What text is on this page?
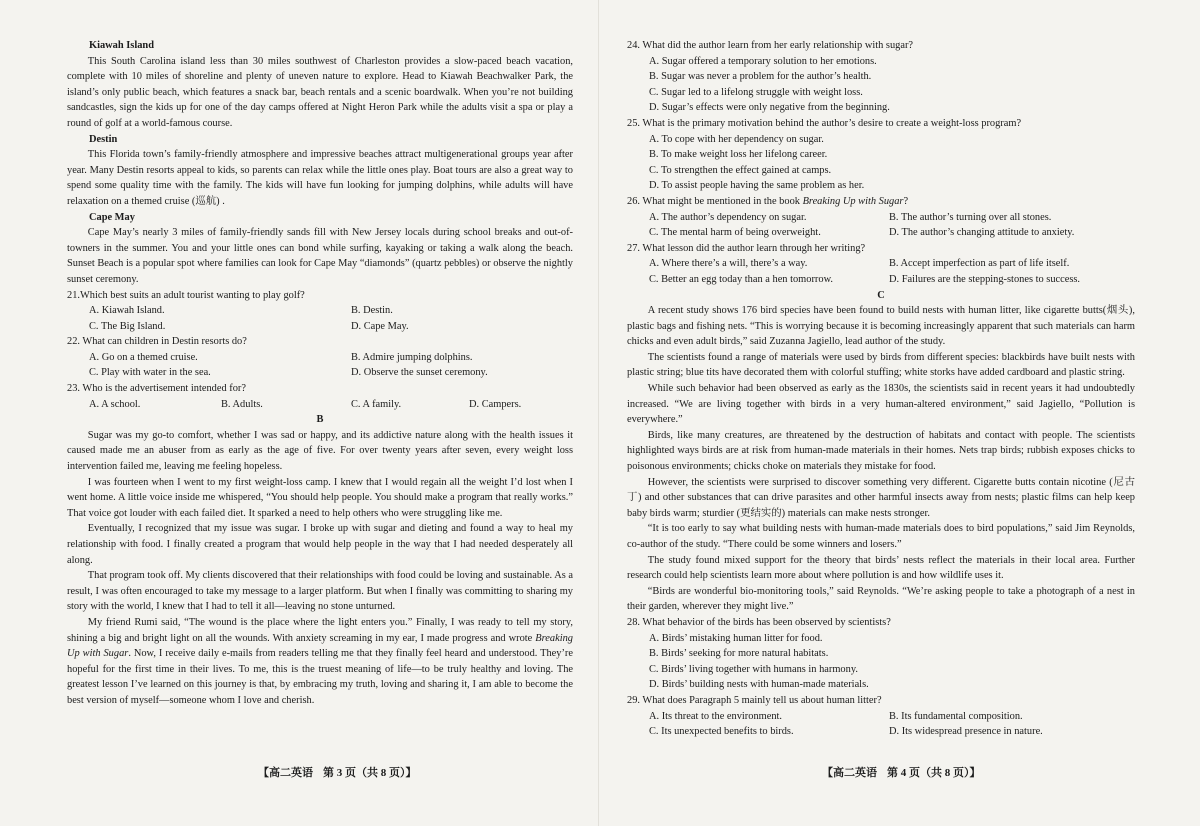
Kiawah Island

This South Carolina island less than 30 miles southwest of Charleston provides a slow-paced beach vacation, complete with 10 miles of shoreline and plenty of uneven nature to explore. Head to Kiawah Beachwalker Park, the island’s only public beach, which features a snack bar, beach rentals and a scenic boardwalk. When you’re not building sandcastles, sign the kids up for one of the day camps offered at Night Heron Park while the adults visit a spa or play a round of golf at a world-famous course.

Destin

This Florida town’s family-friendly atmosphere and impressive beaches attract multigenerational groups year after year. Many Destin resorts appeal to kids, so parents can relax while the little ones play. Boat tours are also a great way to spend some quality time with the family. The kids will have fun looking for jumping dolphins, while adults will have relaxation on a themed cruise (巡航) .

Cape May

Cape May’s nearly 3 miles of family-friendly sands fill with New Jersey locals during school breaks and out-of-towners in the summer. You and your little ones can bond while surfing, kayaking or taking a walk along the beach. Sunset Beach is a popular spot where families can look for Cape May “diamonds” (quartz pebbles) or observe the nightly sunset ceremony.

21.Which best suits an adult tourist wanting to play golf?
A. Kiawah Island.	B. Destin.
C. The Big Island.	D. Cape May.
22. What can children in Destin resorts do?
A. Go on a themed cruise.	B. Admire jumping dolphins.
C. Play with water in the sea.	D. Observe the sunset ceremony.
23. Who is the advertisement intended for?
A. A school.	B. Adults.	C. A family.	D. Campers.
B

Sugar was my go-to comfort, whether I was sad or happy, and its addictive nature along with the health issues it caused made me an abuser from as early as the age of five. For over twenty years after seven, every weight loss intervention failed me, leaving me feeling hopeless.

I was fourteen when I went to my first weight-loss camp. I knew that I would regain all the weight I’d lost when I went home. A little voice inside me whispered, “You should help people. You should make a program that really works.” That voice got louder with each failed diet. It sparked a need to help others who were struggling like me.

Eventually, I recognized that my issue was sugar. I broke up with sugar and dieting and found a way to heal my relationship with food. I finally created a program that would help people in the way that I had needed desperately all along.

That program took off. My clients discovered that their relationships with food could be loving and sustainable. As a result, I was often encouraged to take my message to a larger platform. But when I finally was committing to sharing my story with the world, I knew that I had to tell it all—leaving no stone unturned.

My friend Rumi said, “The wound is the place where the light enters you.” Finally, I was ready to tell my story, shining a big and bright light on all the wounds. With anxiety screaming in my ear, I made progress and wrote Breaking Up with Sugar. Now, I receive daily e-mails from readers telling me that they finally feel heard and understood. They’re hopeful for the first time in their lives. To me, this is the truest meaning of life—to be truly healthy and loving. The greatest lesson I’ve learned on this journey is that, by embracing my truth, loving and sharing it, I am able to become the best version of myself—someone whom I love and cherish.

【高二英语 第 3 页（共 8 页）】
24. What did the author learn from her early relationship with sugar?
A. Sugar offered a temporary solution to her emotions.
B. Sugar was never a problem for the author’s health.
C. Sugar led to a lifelong struggle with weight loss.
D. Sugar’s effects were only negative from the beginning.
25. What is the primary motivation behind the author’s desire to create a weight-loss program?
A. To cope with her dependency on sugar.
B. To make weight loss her lifelong career.
C. To strengthen the effect gained at camps.
D. To assist people having the same problem as her.
26. What might be mentioned in the book Breaking Up with Sugar?
A. The author’s dependency on sugar.	B. The author’s turning over all stones.
C. The mental harm of being overweight.	D. The author’s changing attitude to anxiety.
27. What lesson did the author learn through her writing?
A. Where there’s a will, there’s a way.	B. Accept imperfection as part of life itself.
C. Better an egg today than a hen tomorrow.	D. Failures are the stepping-stones to success.
C

A recent study shows 176 bird species have been found to build nests with human litter, like cigarette butts(烟头), plastic bags and fishing nets. “This is worrying because it is becoming increasingly apparent that such materials can harm chicks and even adult birds,” said Zuzanna Jagiello, lead author of the study.

The scientists found a range of materials were used by birds from different species: blackbirds have built nests with plastic string; blue tits have decorated them with colorful stuffing; white storks have added cardboard and plastic string.

While such behavior had been observed as early as the 1830s, the scientists said in recent years it had undoubtedly increased. “We are living together with birds in a very human-altered environment,” said Jagiello, “Pollution is everywhere.”

Birds, like many creatures, are threatened by the destruction of habitats and contact with people. The scientists highlighted ways birds are at risk from human-made materials in their homes. Nets trap birds; rubbish exposes chicks to poisonous environments; chicks choke on materials they mistake for food.

However, the scientists were surprised to discover something very different. Cigarette butts contain nicotine (尼古丁) and other substances that can drive parasites and other harmful insects away from nests; plastic films can help keep baby birds warm; sturdier (更结实的) materials can make nests stronger.

“It is too early to say what building nests with human-made materials does to bird populations,” said Jim Reynolds, co-author of the study. “There could be some winners and losers.”

The study found mixed support for the theory that birds’ nests reflect the materials in their local area. Further research could help scientists learn more about where pollution is and how wildlife uses it.

“Birds are wonderful bio-monitoring tools,” said Reynolds. “We’re asking people to take a photograph of a nest in their garden, wherever they might live.”

28. What behavior of the birds has been observed by scientists?
A. Birds’ mistaking human litter for food.
B. Birds’ seeking for more natural habitats.
C. Birds’ living together with humans in harmony.
D. Birds’ building nests with human-made materials.
29. What does Paragraph 5 mainly tell us about human litter?
A. Its threat to the environment.	B. Its fundamental composition.
C. Its unexpected benefits to birds.	D. Its widespread presence in nature.
【高二英语 第 4 页（共 8 页）】
